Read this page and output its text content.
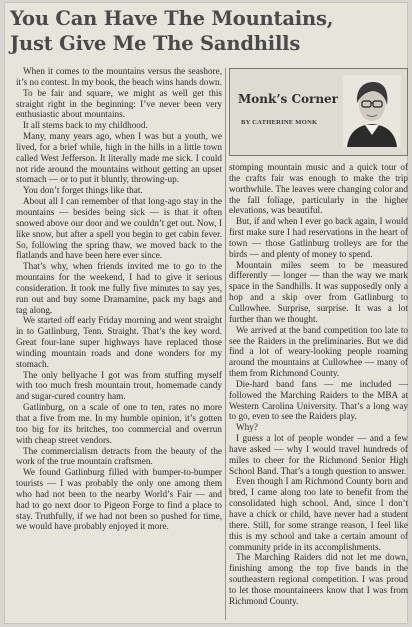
You Can Have The Mountains,
Just Give Me The Sandhills

When it comes to the mountains versus the seashore, it’s no contest. In my book, the beach wins hands down.

To be fair and square, we might as well get this straight right in the beginning: I’ve never been very enthusiastic about mountains.

It all stems back to my childhood.

Many, many years ago, when I was but a youth, we lived, for a brief while, high in the hills in a little town called West Jefferson. It literally made me sick. I could not ride around the mountains without getting an upset stomach — or to put it bluntly, throwing-up.

You don’t forget things like that.

About all I can remember of that long-ago stay in the mountains — besides being sick — is that it often snowed above our door and we couldn’t get out. Now, I like snow, but after a spell you begin to get cabin fever. So, following the spring thaw, we moved back to the flatlands and have been here ever since.

That’s why, when friends invited me to go to the mountains for the weekend, I had to give it serious consideration. It took me fully five minutes to say yes, run out and buy some Dramamine, pack my bags and tag along.

We started off early Friday morning and went straight in to Gatlinburg, Tenn. Straight. That’s the key word. Great four-lane super highways have replaced those winding mountain roads and done wonders for my stomach.

The only bellyache I got was from stuffing myself with too much fresh mountain trout, homemade candy and sugar-cured country ham.

Gatlinburg, on a scale of one to ten, rates no more that a five from me. In my humble opinion, it’s gotten too big for its britches, too commercial and overrun with cheap street vendors.

The commercialism detracts from the beauty of the work of the true mountain craftsmen.

We found Gatlinburg filled with bumper-to-bumper tourists — I was probably the only one among them who had not been to the nearby World’s Fair — and had to go next door to Pigeon Forge to find a place to stay. Truthfully, if we had not been so pushed for time, we would have probably enjoyed it more.

Monk’s Corner
BY CATHERINE MONK

stomping mountain music and a quick tour of the crafts fair was enough to make the trip worthwhile. The leaves were changing color and the fall foliage, particularly in the higher elevations, was beautiful.

But, if and when I ever go back again, I would first make sure I had reservations in the heart of town — those Gatlinburg trolleys are for the birds — and plenty of money to spend.

Mountain miles seem to be measured differently — longer — than the way we mark space in the Sandhills. It was supposedly only a hop and a skip over from Gatlinburg to Cullowhee. Surprise, surprise. It was a lot further than we thought.

We arrived at the band competition too late to see the Raiders in the preliminaries. But we did find a lot of weary-looking people roaming around the mountains at Cullowhee — many of them from Richmond County.

Die-hard band fans — me included — followed the Marching Raiders to the MBA at Western Carolina University. That’s a long way to go, even to see the Raiders play.

Why?

I guess a lot of people wonder — and a few have asked — why I would travel hundreds of miles to cheer for the Richmond Senior High School Band. That’s a tough question to answer.

Even though I am Richmond County born and bred, I came along too late to benefit from the consolidated high school. And, since I don’t have a chick or child, have never had a student there. Still, for some strange reason, I feel like this is my school and take a certain amount of community pride in its accomplishments.

The Marching Raiders did not let me down, finishing among the top five bands in the southeastern regional competition. I was proud to let those mountaineers know that I was from Richmond County.
